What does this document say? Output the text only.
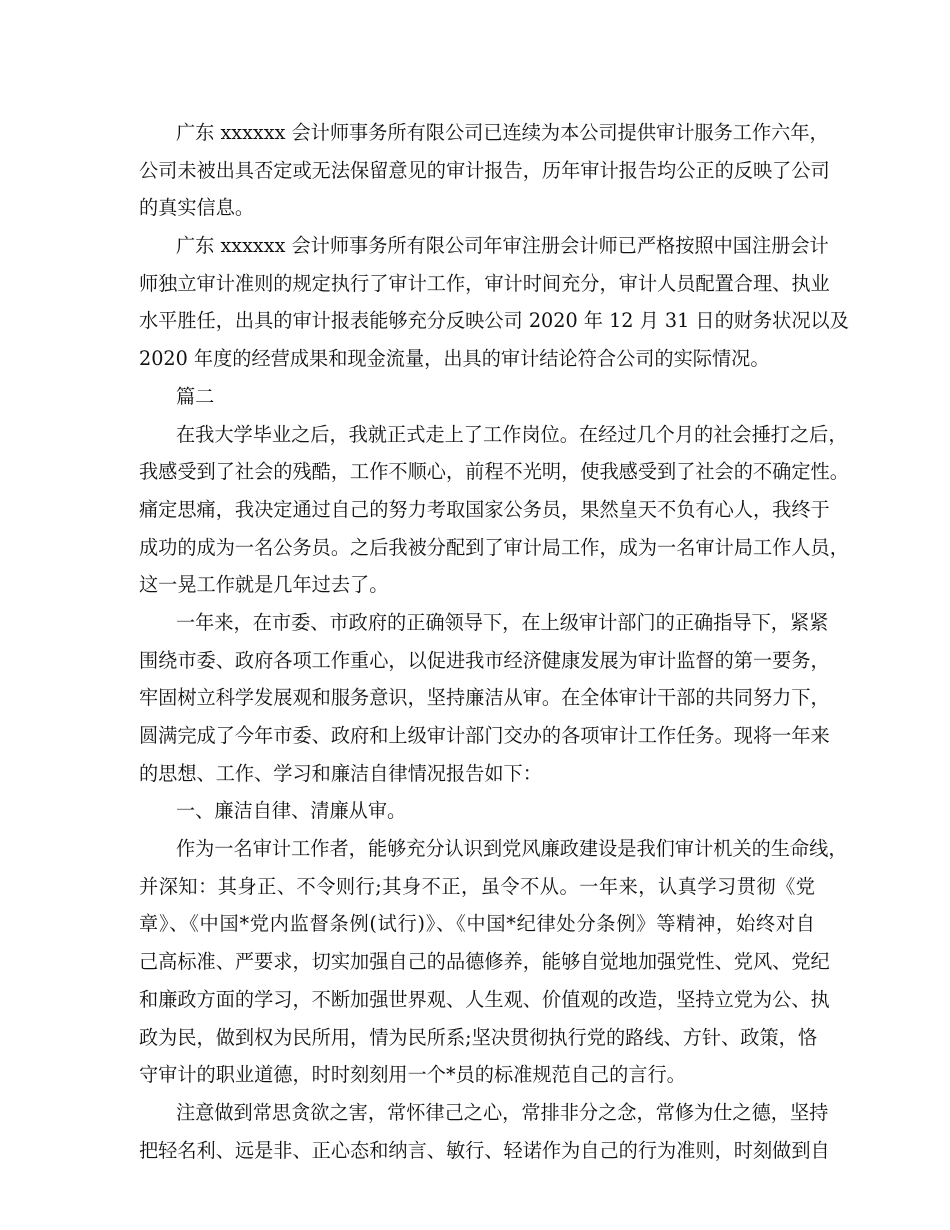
广东 xxxxxx 会计师事务所有限公司已连续为本公司提供审计服务工作六年，

公司未被出具否定或无法保留意见的审计报告，历年审计报告均公正的反映了公司

的真实信息。

广东 xxxxxx 会计师事务所有限公司年审注册会计师已严格按照中国注册会计

师独立审计准则的规定执行了审计工作，审计时间充分，审计人员配置合理、执业

水平胜任，出具的审计报表能够充分反映公司 2020 年 12 月 31 日的财务状况以及

2020 年度的经营成果和现金流量，出具的审计结论符合公司的实际情况。

篇二

在我大学毕业之后，我就正式走上了工作岗位。在经过几个月的社会捶打之后，

我感受到了社会的残酷，工作不顺心，前程不光明，使我感受到了社会的不确定性。

痛定思痛，我决定通过自己的努力考取国家公务员，果然皇天不负有心人，我终于

成功的成为一名公务员。之后我被分配到了审计局工作，成为一名审计局工作人员，

这一晃工作就是几年过去了。

一年来，在市委、市政府的正确领导下，在上级审计部门的正确指导下，紧紧

围绕市委、政府各项工作重心，以促进我市经济健康发展为审计监督的第一要务，

牢固树立科学发展观和服务意识，坚持廉洁从审。在全体审计干部的共同努力下，

圆满完成了今年市委、政府和上级审计部门交办的各项审计工作任务。现将一年来

的思想、工作、学习和廉洁自律情况报告如下：

一、廉洁自律、清廉从审。

作为一名审计工作者，能够充分认识到党风廉政建设是我们审计机关的生命线，

并深知：其身正、不令则行;其身不正，虽令不从。一年来，认真学习贯彻《党

章》、《中国*党内监督条例(试行)》、《中国*纪律处分条例》等精神，始终对自

己高标准、严要求，切实加强自己的品德修养，能够自觉地加强党性、党风、党纪

和廉政方面的学习，不断加强世界观、人生观、价值观的改造，坚持立党为公、执

政为民，做到权为民所用，情为民所系;坚决贯彻执行党的路线、方针、政策，恪

守审计的职业道德，时时刻刻用一个*员的标准规范自己的言行。

注意做到常思贪欲之害，常怀律己之心，常排非分之念，常修为仕之德，坚持

把轻名利、远是非、正心态和纳言、敏行、轻诺作为自己的行为准则，时刻做到自
